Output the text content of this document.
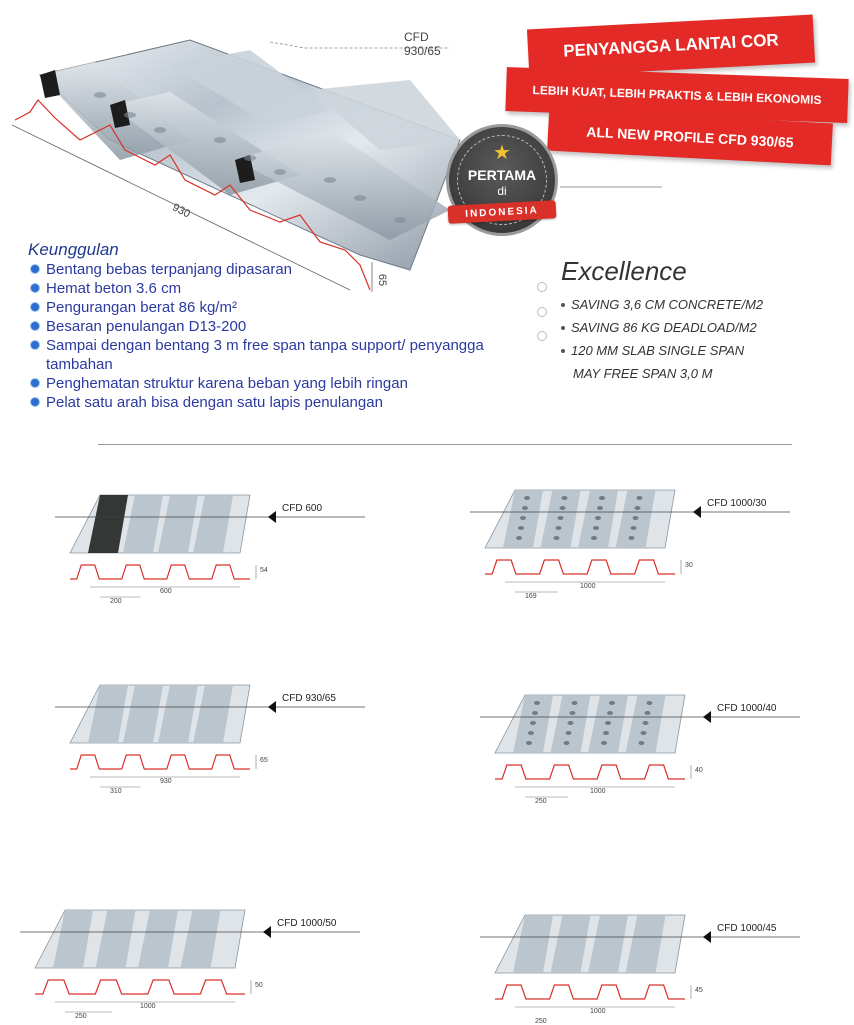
CFD
930/65
930
65
PENYANGGA LANTAI COR
LEBIH KUAT, LEBIH PRAKTIS & LEBIH EKONOMIS
ALL NEW PROFILE CFD 930/65
★
PERTAMA
di
INDONESIA
Keunggulan
Bentang bebas terpanjang dipasaran
Hemat beton 3.6 cm
Pengurangan berat 86 kg/m²
Besaran penulangan D13-200
Sampai dengan bentang 3 m free span tanpa support/ penyangga tambahan
Penghematan struktur karena beban yang lebih ringan
Pelat satu arah bisa dengan satu lapis penulangan
Excellence
SAVING 3,6 CM CONCRETE/M2
SAVING 86 KG DEADLOAD/M2
120 MM SLAB SINGLE SPAN
MAY FREE SPAN 3,0 M
CFD 600
54
600
200
CFD 1000/30
30
1000
169
CFD 930/65
65
930
310
CFD 1000/40
40
1000
250
CFD 1000/50
50
1000
250
CFD 1000/45
45
1000
250
